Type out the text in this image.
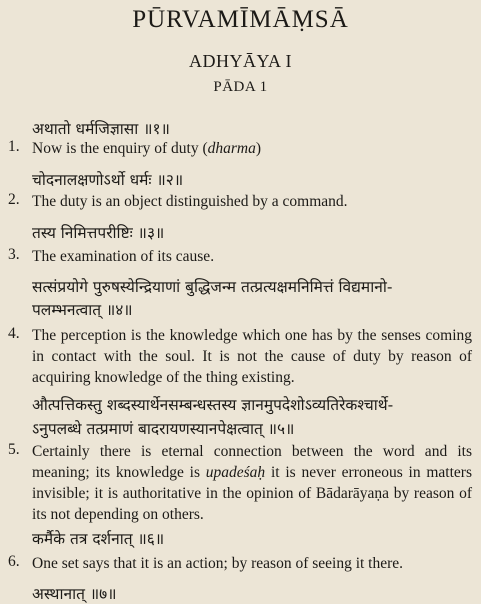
PŪRVAMĪMĀṂSĀ
ADHYĀYA I
PĀDA 1
अथातो धर्मजिज्ञासा ॥१॥
1. Now is the enquiry of duty (dharma)
चोदनालक्षणोऽर्थो धर्मः ॥२॥
2. The duty is an object distinguished by a command.
तस्य निमित्तपरीष्टिः ॥३॥
3. The examination of its cause.
सत्संप्रयोगे पुरुषस्येन्द्रियाणां बुद्धिजन्म तत्प्रत्यक्षमनिमित्तं विद्यमानो-
पलम्भनत्वात् ॥४॥
4. The perception is the knowledge which one has by the senses coming in contact with the soul. It is not the cause of duty by reason of acquiring knowledge of the thing existing.
औत्पत्तिकस्तु शब्दस्यार्थेनसम्बन्धस्तस्य ज्ञानमुपदेशोऽव्यतिरेकश्चार्थे-
ऽनुपलब्धे तत्प्रमाणं बादरायणस्यानपेक्षत्वात् ॥५॥
5. Certainly there is eternal connection between the word and its meaning; its knowledge is upadeśaḥ it is never erroneous in matters invisible; it is authoritative in the opinion of Bādarāyaṇa by reason of its not depending on others.
कर्मैके तत्र दर्शनात् ॥६॥
6. One set says that it is an action; by reason of seeing it there.
अस्थानात् ॥७॥
